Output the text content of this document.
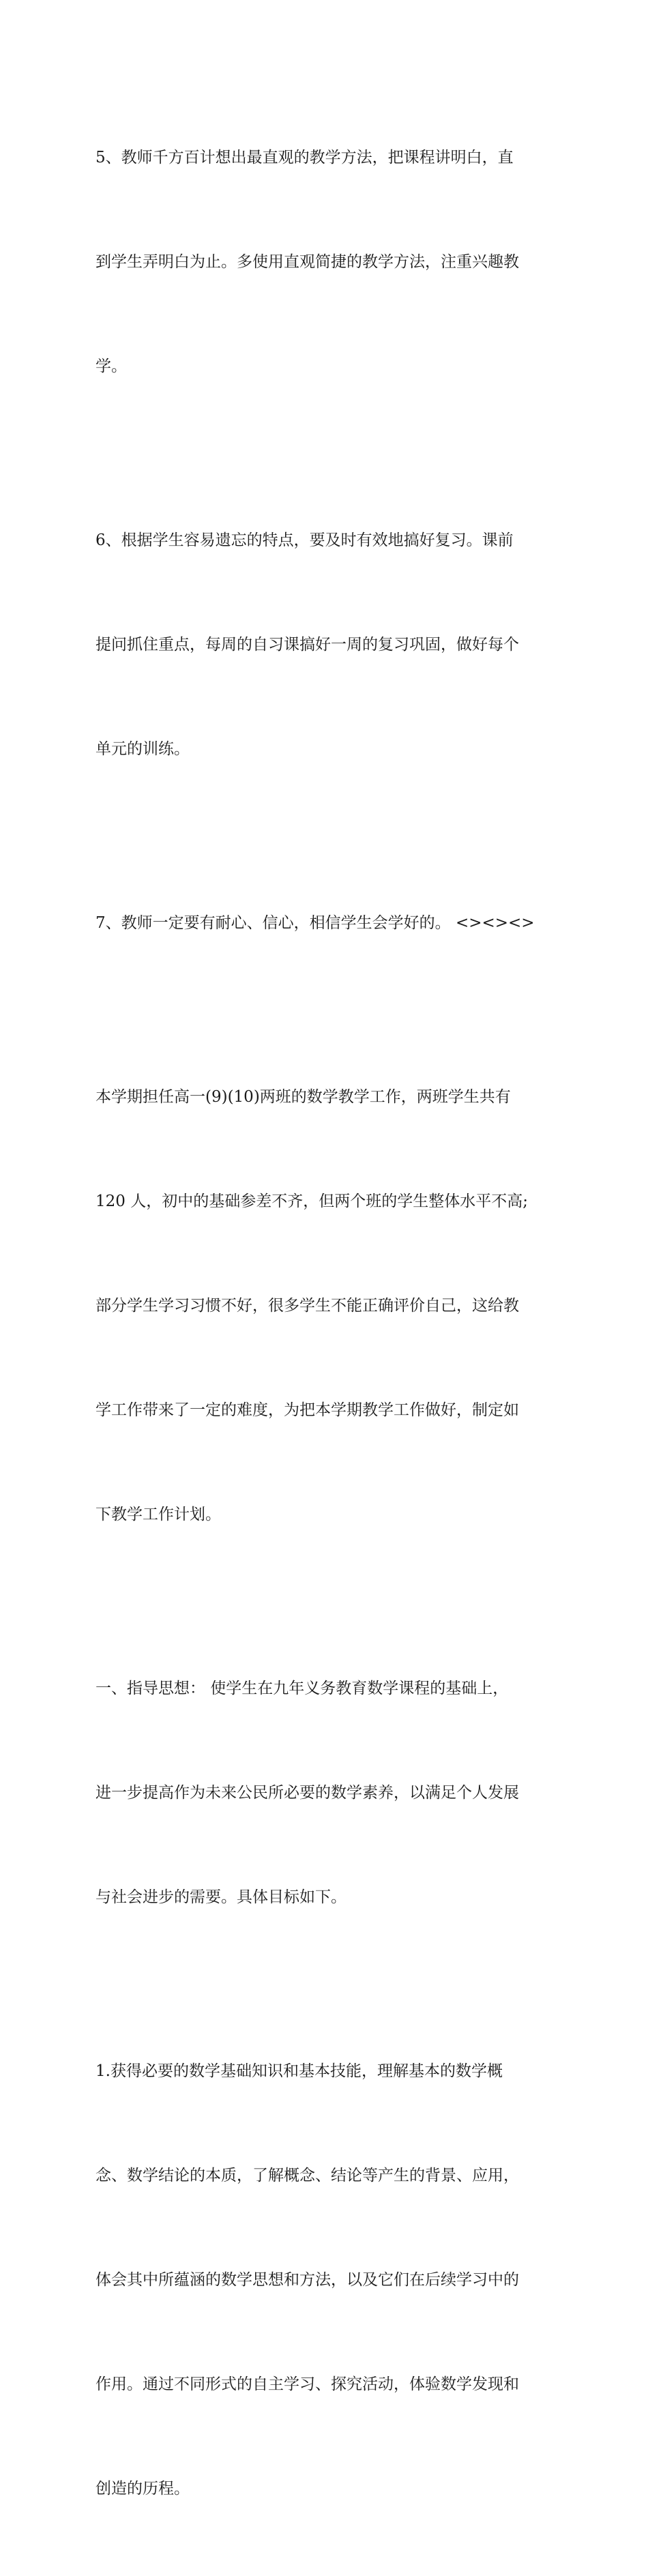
5、教师千方百计想出最直观的教学方法，把课程讲明白，直

到学生弄明白为止。多使用直观简捷的教学方法，注重兴趣教

学。

6、根据学生容易遗忘的特点，要及时有效地搞好复习。课前

提问抓住重点，每周的自习课搞好一周的复习巩固，做好每个

单元的训练。

7、教师一定要有耐心、信心，相信学生会学好的。 <><><>

本学期担任高一(9)(10)两班的数学教学工作，两班学生共有

120 人，初中的基础参差不齐，但两个班的学生整体水平不高;

部分学生学习习惯不好，很多学生不能正确评价自己，这给教

学工作带来了一定的难度，为把本学期教学工作做好，制定如

下教学工作计划。

一、指导思想： 使学生在九年义务教育数学课程的基础上，

进一步提高作为未来公民所必要的数学素养，以满足个人发展

与社会进步的需要。具体目标如下。

1.获得必要的数学基础知识和基本技能，理解基本的数学概

念、数学结论的本质，了解概念、结论等产生的背景、应用，

体会其中所蕴涵的数学思想和方法，以及它们在后续学习中的

作用。通过不同形式的自主学习、探究活动，体验数学发现和

创造的历程。
